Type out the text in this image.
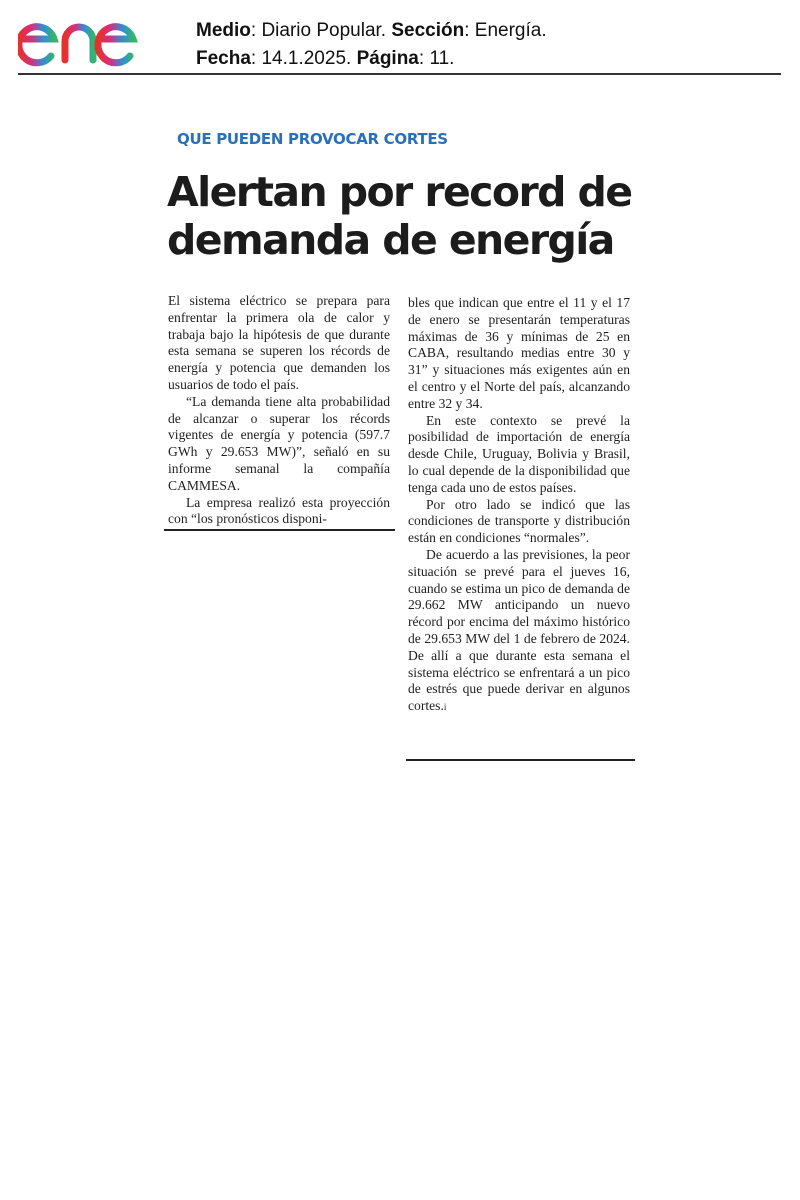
Medio: Diario Popular. Sección: Energía.
Fecha: 14.1.2025. Página: 11.
QUE PUEDEN PROVOCAR CORTES
Alertan por record de demanda de energía

El sistema eléctrico se prepara para enfrentar la primera ola de calor y trabaja bajo la hipótesis de que durante esta semana se superen los récords de energía y potencia que demanden los usuarios de todo el país.

“La demanda tiene alta probabilidad de alcanzar o superar los récords vigentes de energía y potencia (597.7 GWh y 29.653 MW)”, señaló en su informe semanal la compañía CAMMESA.

La empresa realizó esta proyección con “los pronósticos disponi-

bles que indican que entre el 11 y el 17 de enero se presentarán temperaturas máximas de 36 y mínimas de 25 en CABA, resultando medias entre 30 y 31” y situaciones más exigentes aún en el centro y el Norte del país, alcanzando entre 32 y 34.

En este contexto se prevé la posibilidad de importación de energía desde Chile, Uruguay, Bolivia y Brasil, lo cual depende de la disponibilidad que tenga cada uno de estos países.

Por otro lado se indicó que las condiciones de transporte y distribución están en condiciones “normales”.

De acuerdo a las previsiones, la peor situación se prevé para el jueves 16, cuando se estima un pico de demanda de 29.662 MW anticipando un nuevo récord por encima del máximo histórico de 29.653 MW del 1 de febrero de 2024. De allí a que durante esta semana el sistema eléctrico se enfrentará a un pico de estrés que puede derivar en algunos cortes.i
